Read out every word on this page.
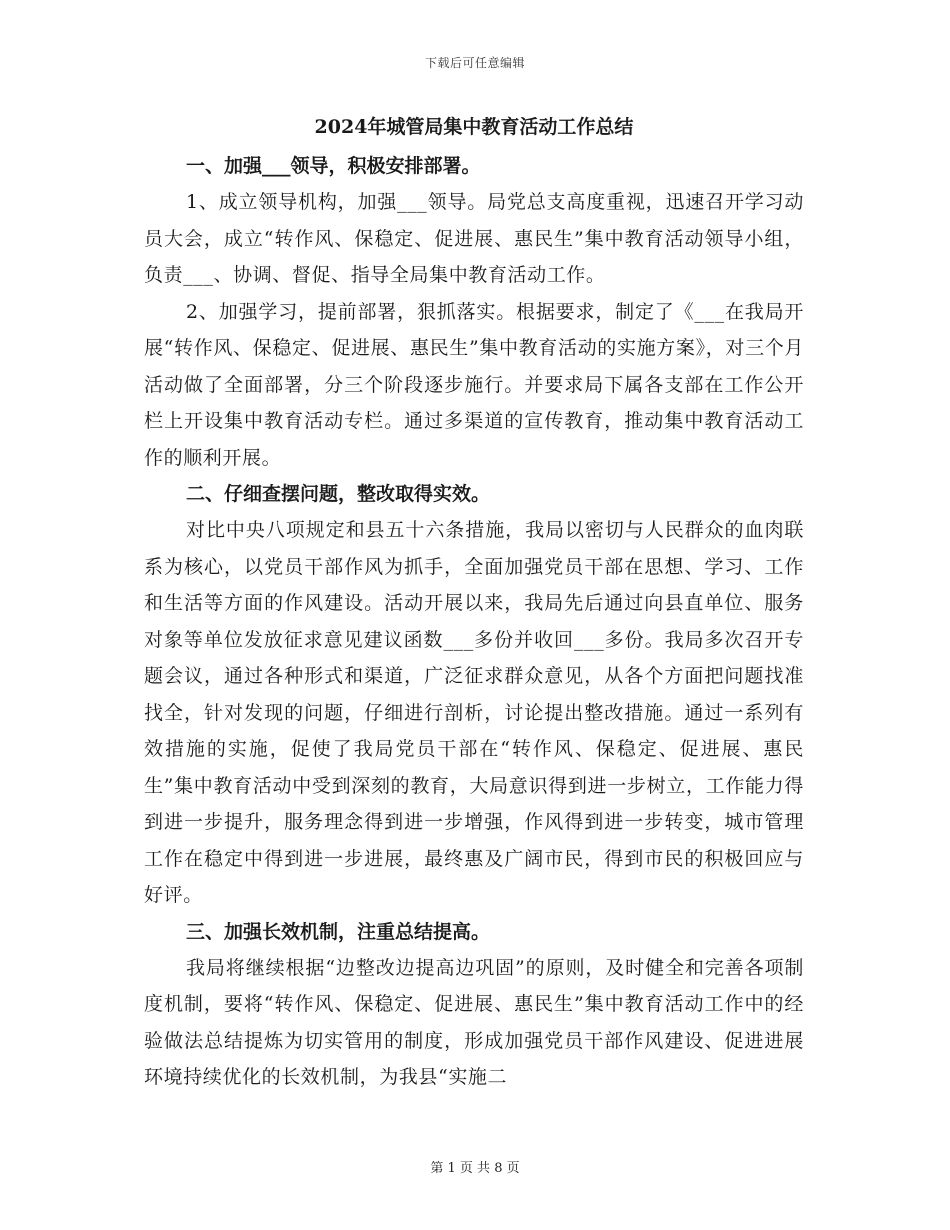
下载后可任意编辑
2024年城管局集中教育活动工作总结

一、加强___领导，积极安排部署。

1、成立领导机构，加强___领导。局党总支高度重视，迅速召开学习动员大会，成立“转作风、保稳定、促进展、惠民生”集中教育活动领导小组，负责___、协调、督促、指导全局集中教育活动工作。

2、加强学习，提前部署，狠抓落实。根据要求，制定了《___在我局开展“转作风、保稳定、促进展、惠民生”集中教育活动的实施方案》，对三个月活动做了全面部署，分三个阶段逐步施行。并要求局下属各支部在工作公开栏上开设集中教育活动专栏。通过多渠道的宣传教育，推动集中教育活动工作的顺利开展。

二、仔细查摆问题，整改取得实效。

对比中央八项规定和县五十六条措施，我局以密切与人民群众的血肉联系为核心，以党员干部作风为抓手，全面加强党员干部在思想、学习、工作和生活等方面的作风建设。活动开展以来，我局先后通过向县直单位、服务对象等单位发放征求意见建议函数___多份并收回___多份。我局多次召开专题会议，通过各种形式和渠道，广泛征求群众意见，从各个方面把问题找准找全，针对发现的问题，仔细进行剖析，讨论提出整改措施。通过一系列有效措施的实施，促使了我局党员干部在“转作风、保稳定、促进展、惠民生”集中教育活动中受到深刻的教育，大局意识得到进一步树立，工作能力得到进一步提升，服务理念得到进一步增强，作风得到进一步转变，城市管理工作在稳定中得到进一步进展，最终惠及广阔市民，得到市民的积极回应与好评。

三、加强长效机制，注重总结提高。

我局将继续根据“边整改边提高边巩固”的原则，及时健全和完善各项制度机制，要将“转作风、保稳定、促进展、惠民生”集中教育活动工作中的经验做法总结提炼为切实管用的制度，形成加强党员干部作风建设、促进进展环境持续优化的长效机制，为我县“实施二

第 1 页 共 8 页
